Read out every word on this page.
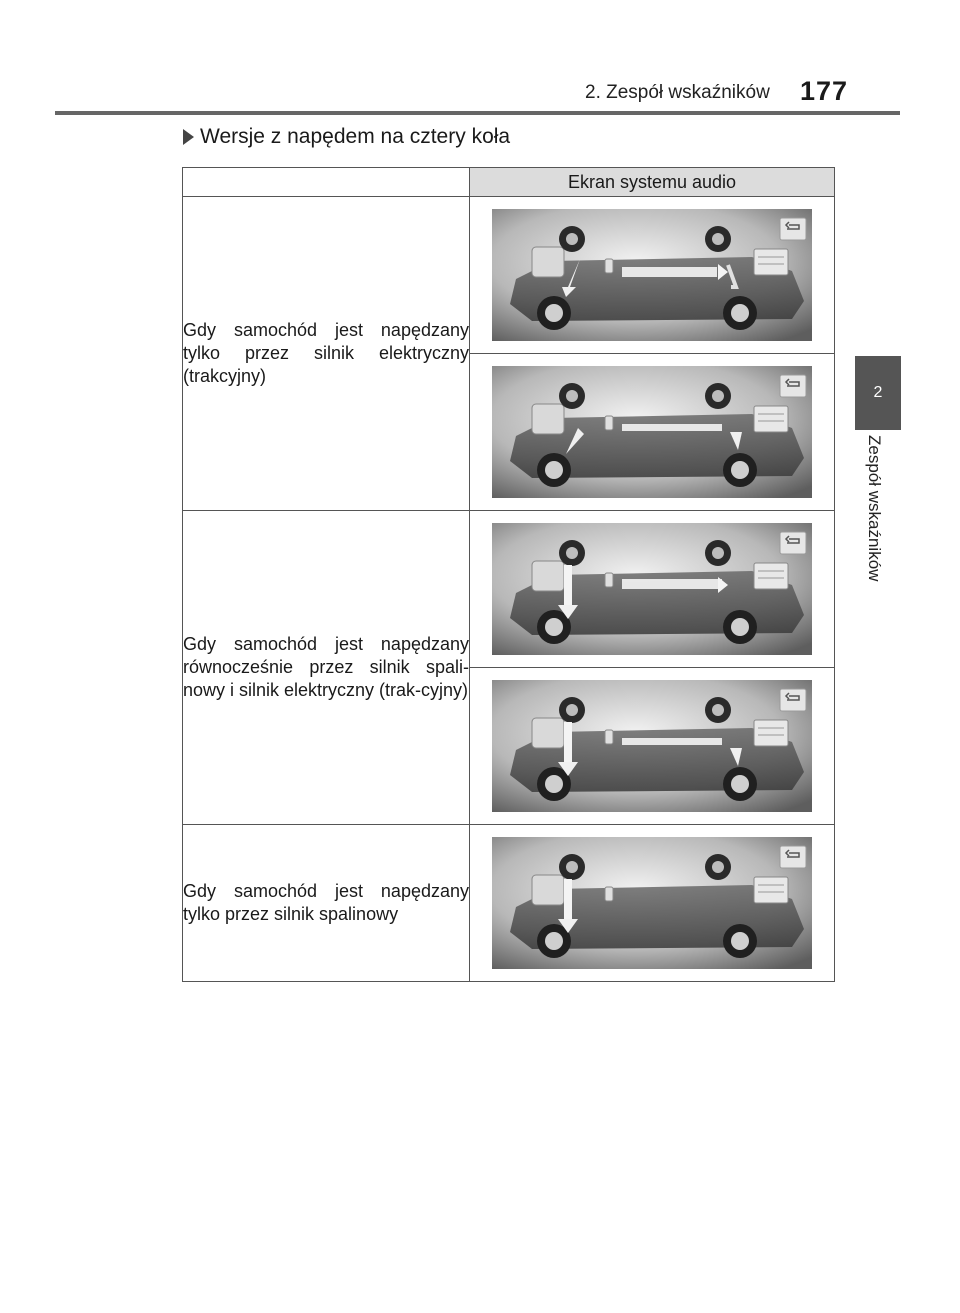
2. Zespół wskaźników 177
Wersje z napędem na cztery koła
2
Zespół wskaźników
	Ekran systemu audio
Gdy samochód jest napędzany tylko przez silnik elektryczny (trakcyjny)	

Gdy samochód jest napędzany równocześnie przez silnik spali-nowy i silnik elektryczny (trak-cyjny)	

Gdy samochód jest napędzany tylko przez silnik spalinowy	
